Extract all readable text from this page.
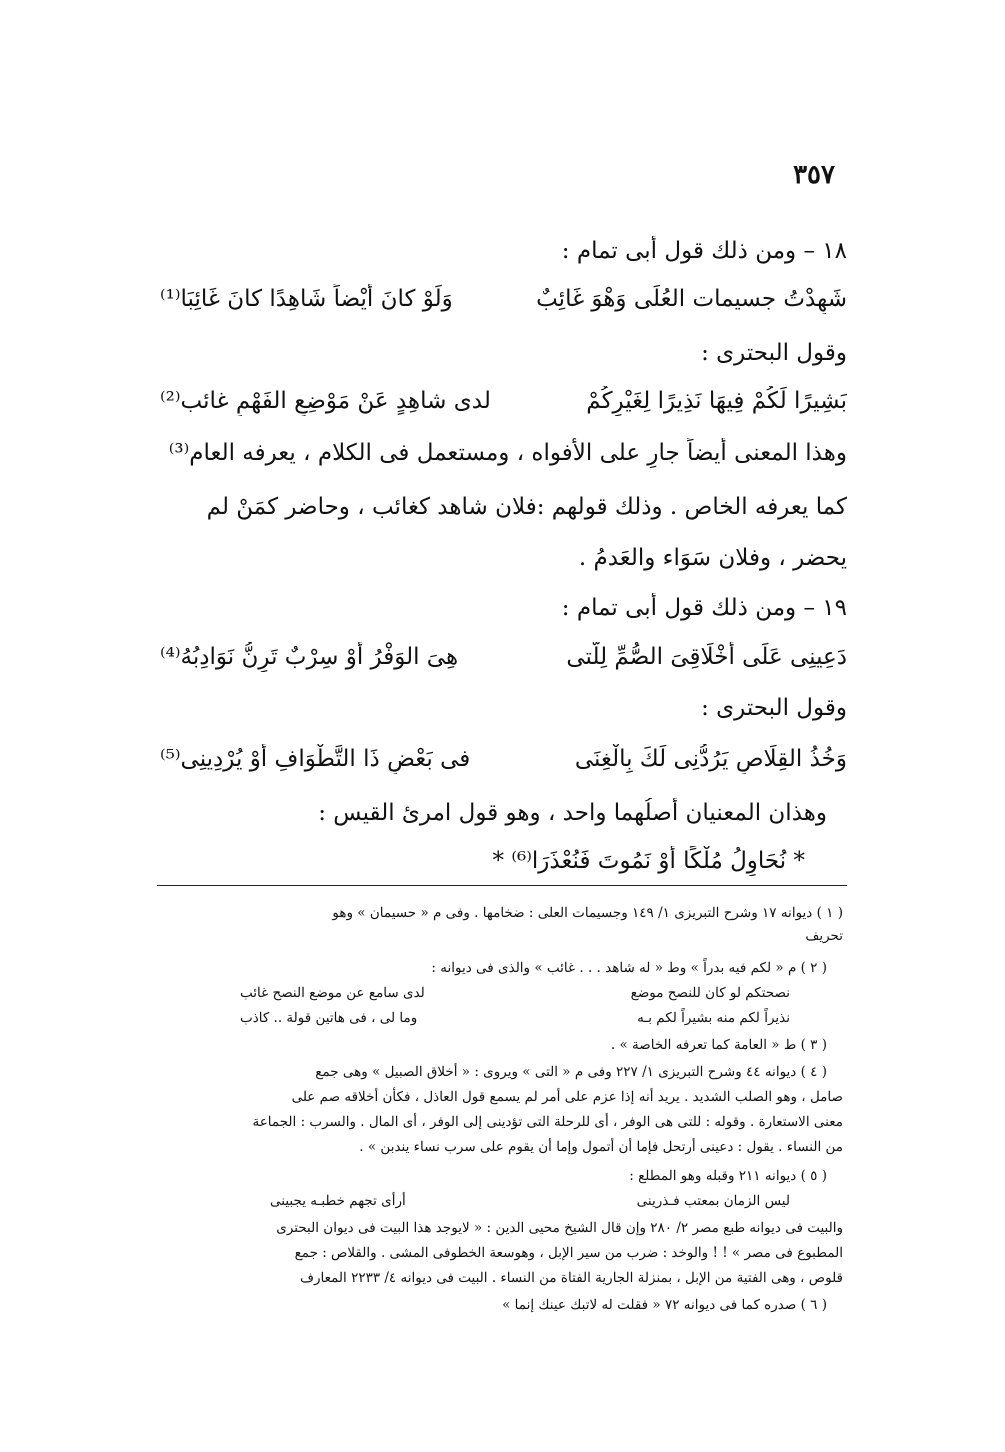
٣٥٧
١٨ – ومن ذلك قول أبى تمام :
شَهِدْتُ جسيمات العُلَى وَهْوَ غَائِبٌ
وَلَوْ كانَ أَيْضاً شَاهِدًا كانَ غَائِبَا⁽¹⁾
وقول البحترى :
بَشِيرًا لَكُمْ فِيهَا نَذِيرًا لِغَيْرِكُمْ
لدى شاهِدٍ عَنْ مَوْضِعِ الفَهْمِ غائب⁽²⁾
وهذا المعنى أيضاً جارٍ على الأفواه ، ومستعمل فى الكلام ، يعرفه العام⁽³⁾
كما يعرفه الخاص . وذلك قولهم :فلان شاهد كغائب ، وحاضر كمَنْ لم
يحضر ، وفلان سَوَاء والعَدمُ .
١٩ – ومن ذلك قول أبى تمام :
دَعِينِى عَلَى أَخْلَاقِىَ الصُّمِّ لِلَّتى
هِىَ الوَفْرُ أَوْ سِرْبٌ تَرِنُّ نَوَادِبُهُ⁽⁴⁾
وقول البحترى :
وَخُذُ القِلَاصِ يَرُدُّنِى لَكَ بِالْغِنَى
فى بَعْضِ ذَا التَّطْوَافِ أَوْ يُرْدِينِى⁽⁵⁾
وهذان المعنيان أصلُهما واحد ، وهو قول امرئ القيس :
* نُحَاوِلُ مُلْكًا أَوْ نَمُوتَ فَنُعْذَرَا⁽⁶⁾ *
( ١ ) ديوانه ١٧ وشرح التبريزى ١/ ١٤٩ وجسيمات العلى : ضخامها . وفى م « حسيمان » وهو
تحريف
( ٢ ) م « لكم فيه بدراً » وط « له شاهد . . . غائب » والذى فى ديوانه :
نصحتكم لو كان للنصح موضع
لدى سامع عن موضع النصح غائب
نذيراً لكم منه بشيراً لكم بـه
وما لى ، فى هاتين قولة .. كاذب
( ٣ ) ط « العامة كما تعرفه الخاصة » .
( ٤ ) ديوانه ٤٤ وشرح التبريزى ١/ ٢٢٧ وفى م « التى » ويروى : « أخلاق الصبيل » وهى جمع
صامل ، وهو الصلب الشديد . يريد أنه إذا عزم على أمر لم يسمع قول العاذل ، فكأن أخلاقه صم على
معنى الاستعارة . وقوله : للتى هى الوفر ، أى للرحلة التى تؤدينى إلى الوفر ، أى المال . والسرب : الجماعة
من النساء . يقول : دعينى أرتحل فإما أن أتمول وإما أن يقوم على سرب نساء يندبن » .
( ٥ ) ديوانه ٢١١ وقبله وهو المطلع :
ليس الزمان بمعتب فـذرينى
أرأى تجهم خطبـه يجبينى
والبيت فى ديوانه طبع مصر ٢/ ٢٨٠ وإن قال الشيخ محيى الدين : « لايوجد هذا البيت فى ديوان البحترى
المطبوع فى مصر » ! ! والوخد : ضرب من سير الإبل ، وهوسعة الخطوفى المشى . والقلاص : جمع
قلوص ، وهى الفتية من الإبل ، بمنزلة الجارية الفتاة من النساء . البيت فى ديوانه ٤/ ٢٢٣٣ المعارف
( ٦ ) صدره كما فى ديوانه ٧٢ « فقلت له لاتبك عينك إنما »
